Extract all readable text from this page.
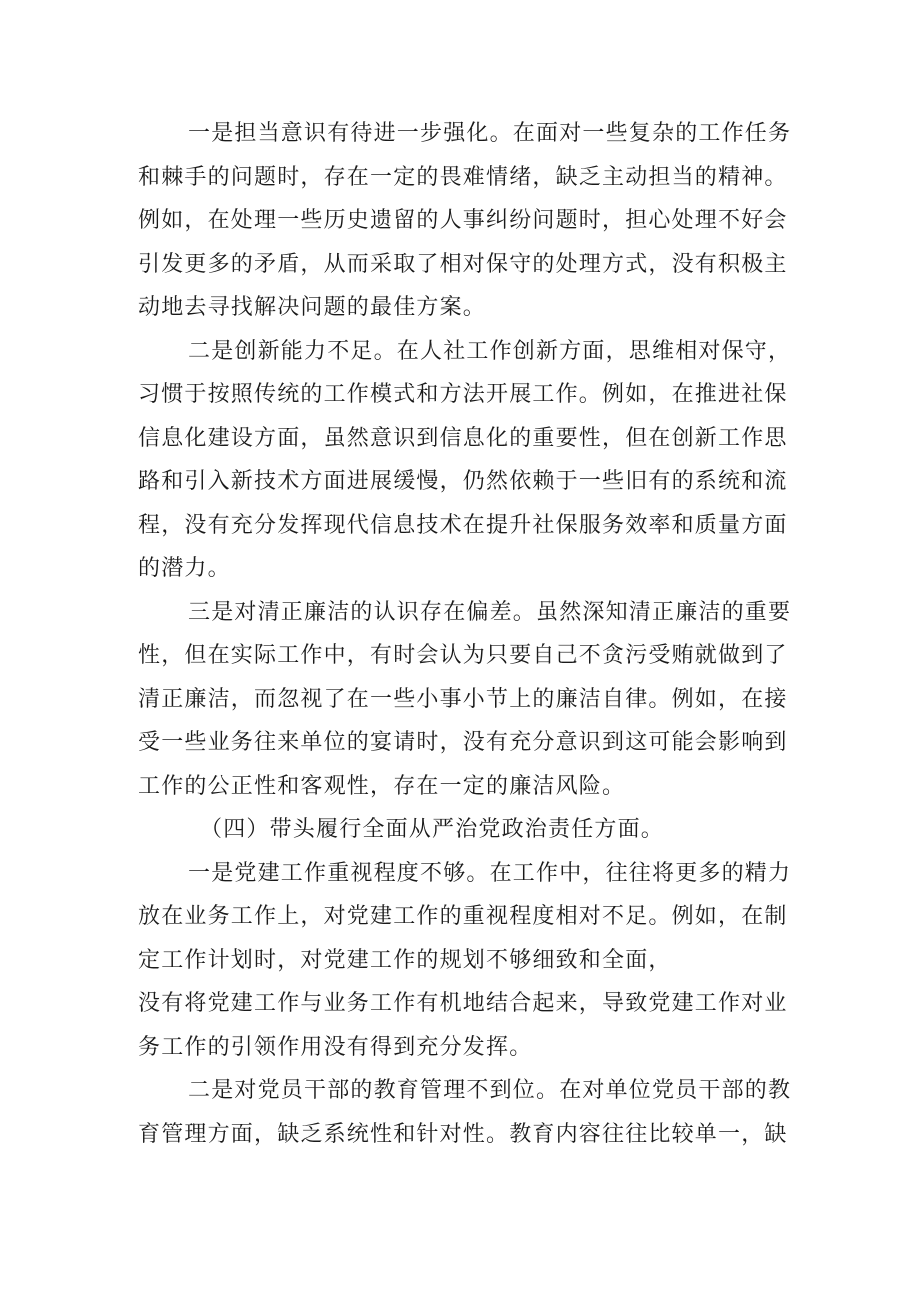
一是担当意识有待进一步强化。在面对一些复杂的工作任务
和棘手的问题时，存在一定的畏难情绪，缺乏主动担当的精神。
例如，在处理一些历史遗留的人事纠纷问题时，担心处理不好会
引发更多的矛盾，从而采取了相对保守的处理方式，没有积极主
动地去寻找解决问题的最佳方案。
二是创新能力不足。在人社工作创新方面，思维相对保守，
习惯于按照传统的工作模式和方法开展工作。例如，在推进社保
信息化建设方面，虽然意识到信息化的重要性，但在创新工作思
路和引入新技术方面进展缓慢，仍然依赖于一些旧有的系统和流
程，没有充分发挥现代信息技术在提升社保服务效率和质量方面
的潜力。
三是对清正廉洁的认识存在偏差。虽然深知清正廉洁的重要
性，但在实际工作中，有时会认为只要自己不贪污受贿就做到了
清正廉洁，而忽视了在一些小事小节上的廉洁自律。例如，在接
受一些业务往来单位的宴请时，没有充分意识到这可能会影响到
工作的公正性和客观性，存在一定的廉洁风险。
（四）带头履行全面从严治党政治责任方面。
一是党建工作重视程度不够。在工作中，往往将更多的精力
放在业务工作上，对党建工作的重视程度相对不足。例如，在制
定工作计划时，对党建工作的规划不够细致和全面，
没有将党建工作与业务工作有机地结合起来，导致党建工作对业
务工作的引领作用没有得到充分发挥。
二是对党员干部的教育管理不到位。在对单位党员干部的教
育管理方面，缺乏系统性和针对性。教育内容往往比较单一，缺
